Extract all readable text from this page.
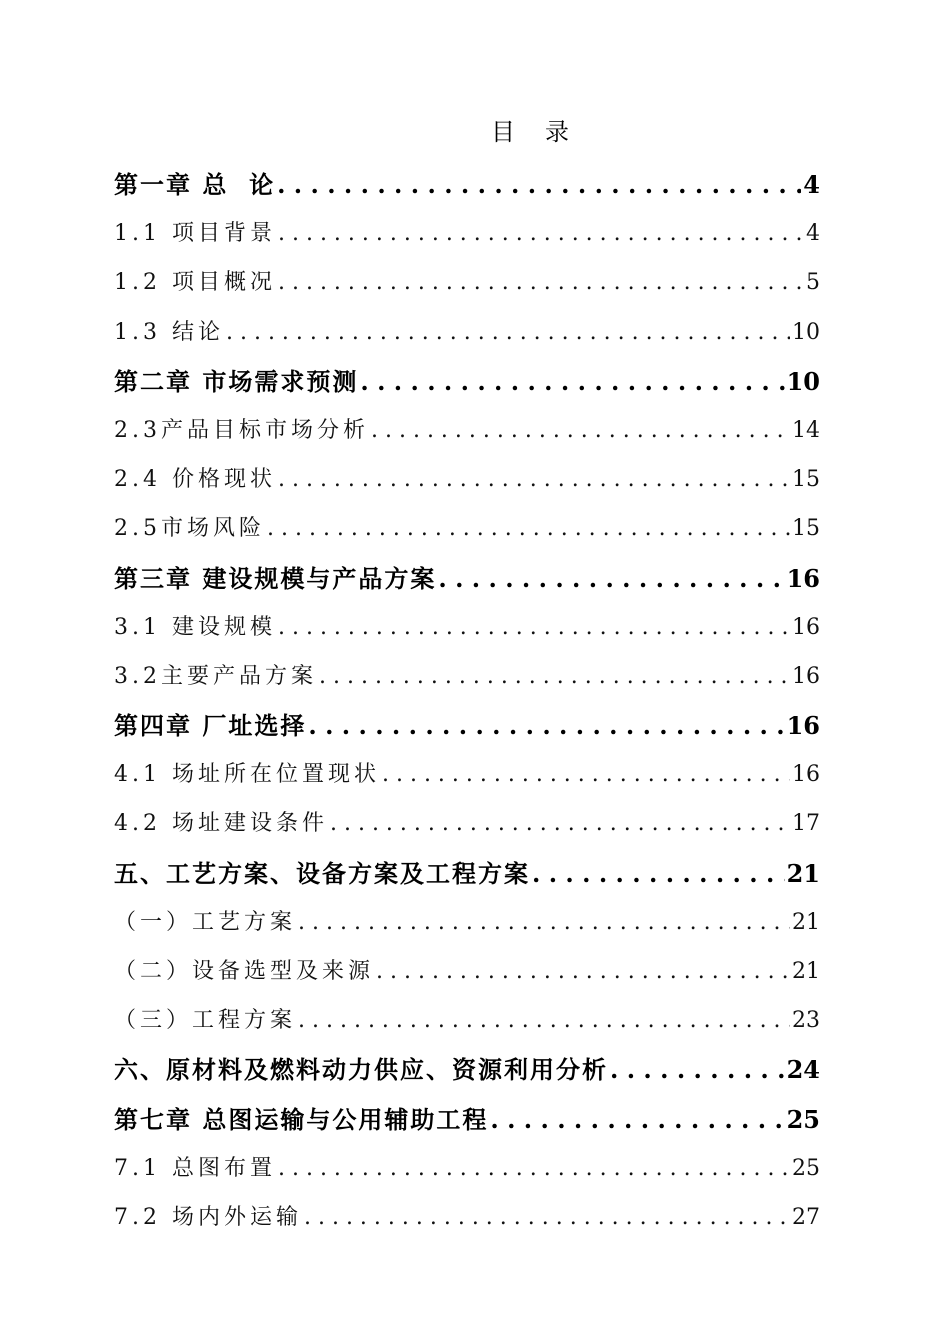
目录
第一章 总  论 . . .	4
1.1 项目背景 . . .	4
1.2 项目概况 . . .	5
1.3 结论 . . .	10
第二章 市场需求预测 . . .	10
2.3产品目标市场分析 . . .	14
2.4 价格现状 . . .	15
2.5市场风险 . . .	15
第三章 建设规模与产品方案 . . .	16
3.1 建设规模 . . .	16
3.2主要产品方案 . . .	16
第四章 厂址选择 . . .	16
4.1 场址所在位置现状 . . .	16
4.2 场址建设条件 . . .	17
五、工艺方案、设备方案及工程方案 . . .	21
（一）工艺方案 . . .	21
（二）设备选型及来源 . . .	21
（三）工程方案 . . .	23
六、原材料及燃料动力供应、资源利用分析 . . .	24
第七章 总图运输与公用辅助工程 . . .	25
7.1 总图布置 . . .	25
7.2 场内外运输 . . .	27
